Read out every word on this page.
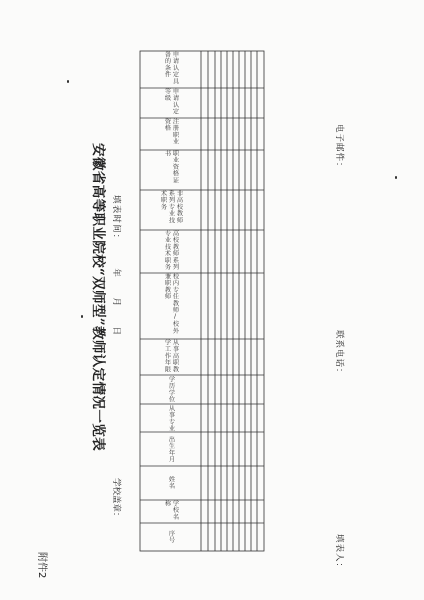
附件2
安徽省高等职业院校“双师型”教师认定情况一览表
学校盖章：
填表时间：　　　年　　月　　日
序号
学校名称
姓名
出生年月
从事专业
学历学位
从事高职教学工作年限
校内专任教师/校外兼职教师
高校教师系列专业技术职务
非高校教师系列专业技术职务
职业资格证书
注册职业资格
申请认定等级
申请认定具备的条件
填表人：
联系电话：
电子邮件：
